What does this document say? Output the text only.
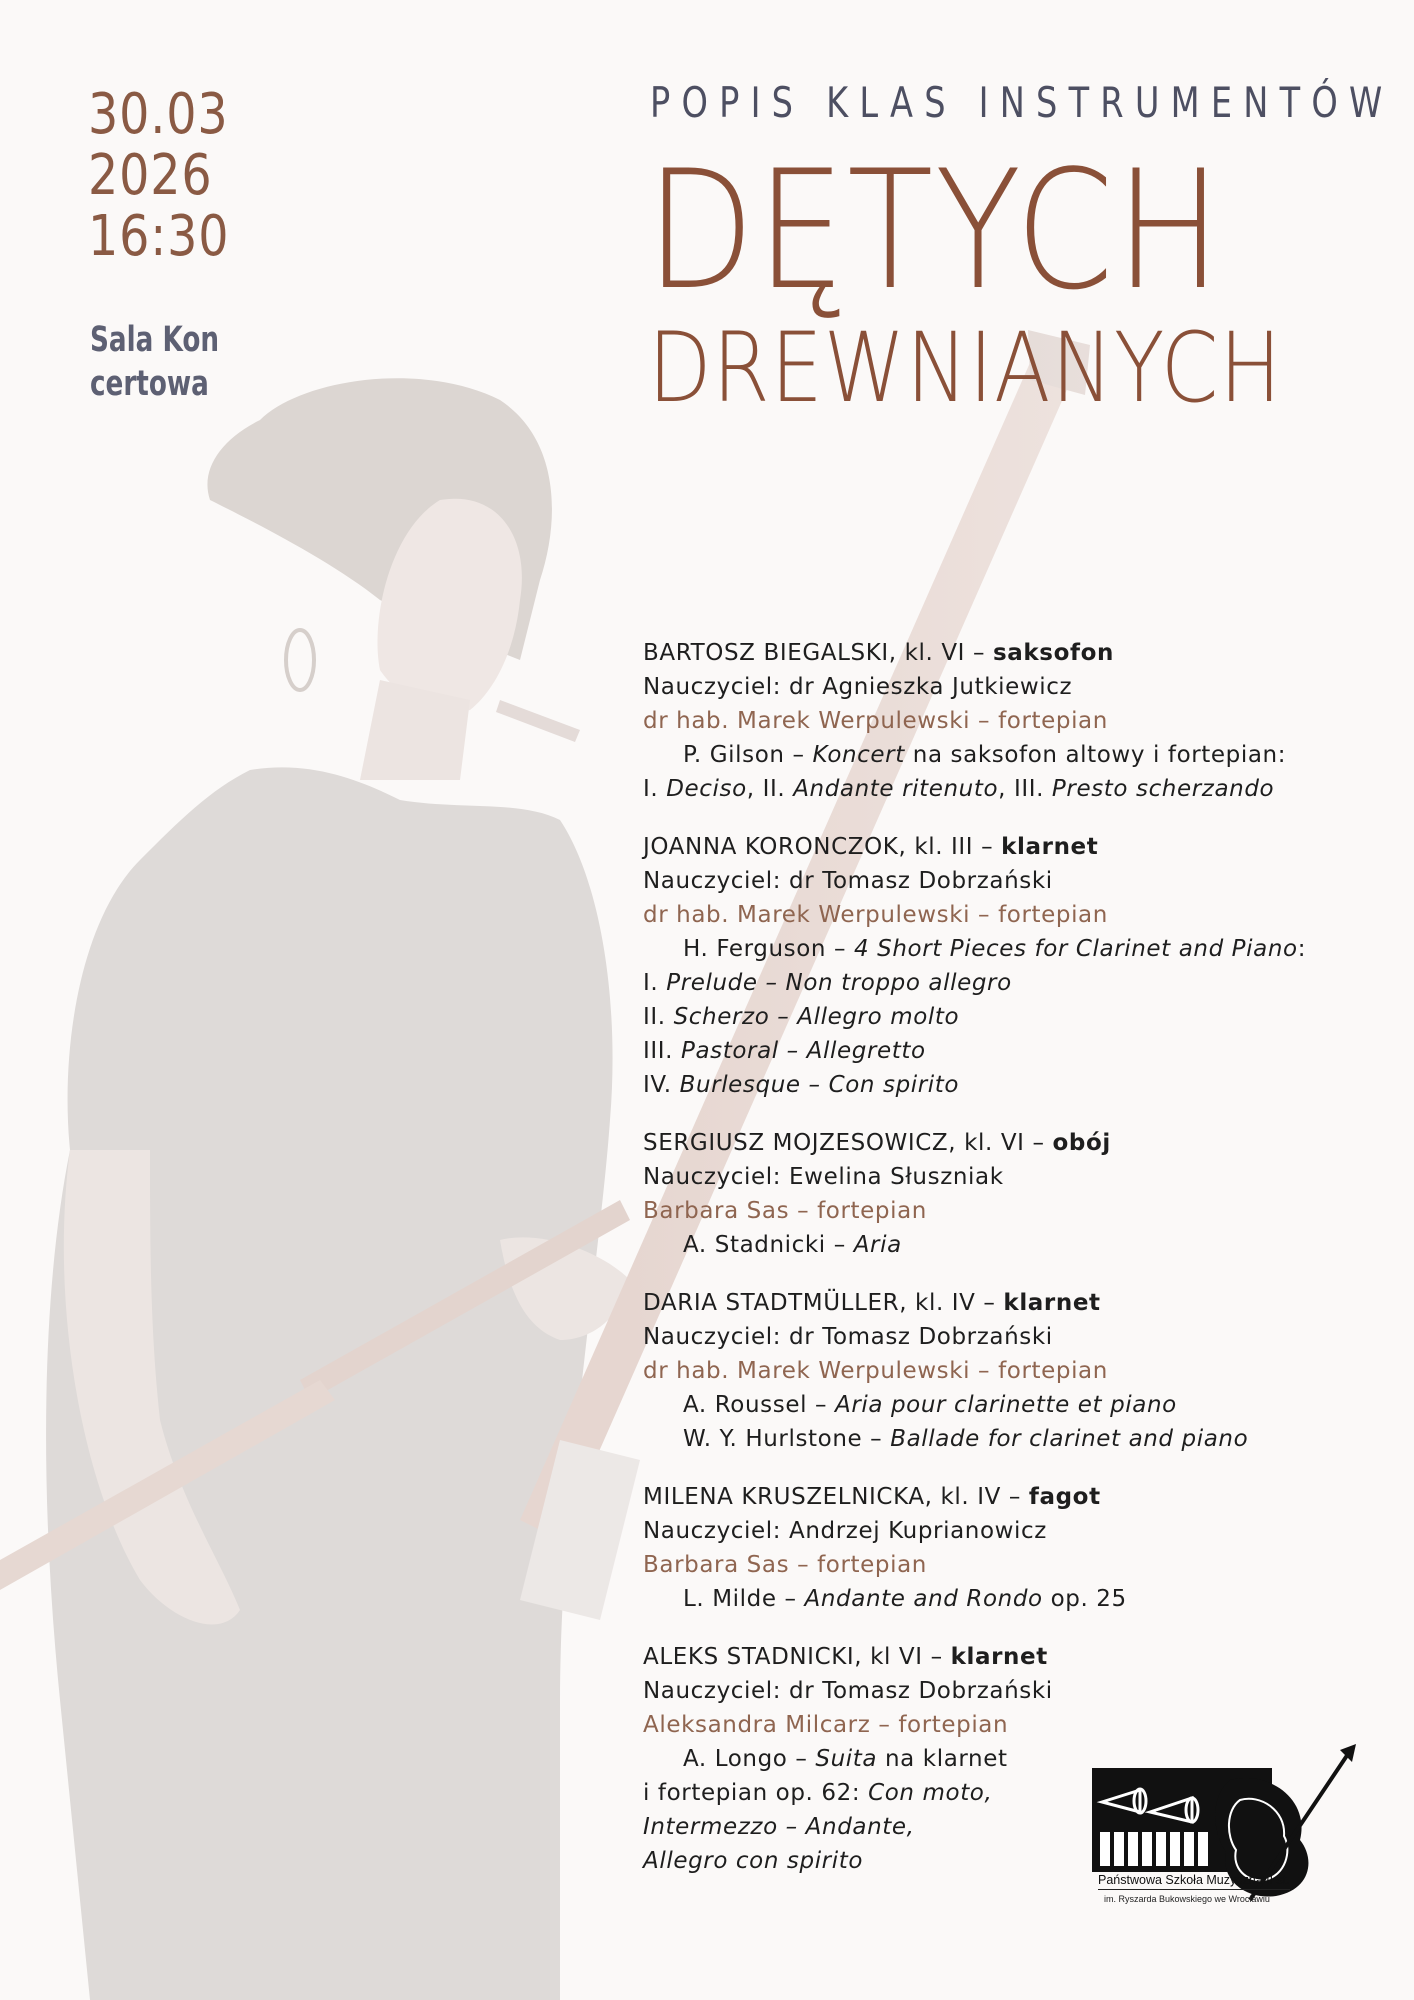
30.03
2026
16:30
Sala Kon
certowa
POPIS KLAS INSTRUMENTÓW
DĘTYCH
DREWNIANYCH
BARTOSZ BIEGALSKI, kl. VI – saksofon
Nauczyciel: dr Agnieszka Jutkiewicz
dr hab. Marek Werpulewski – fortepian
P. Gilson – Koncert na saksofon altowy i fortepian:
I. Deciso, II. Andante ritenuto, III. Presto scherzando
JOANNA KORONCZOK, kl. III – klarnet
Nauczyciel: dr Tomasz Dobrzański
dr hab. Marek Werpulewski – fortepian
H. Ferguson – 4 Short Pieces for Clarinet and Piano:
I. Prelude – Non troppo allegro
II. Scherzo – Allegro molto
III. Pastoral – Allegretto
IV. Burlesque – Con spirito
SERGIUSZ MOJZESOWICZ, kl. VI – obój
Nauczyciel: Ewelina Słuszniak
Barbara Sas – fortepian
A. Stadnicki – Aria
DARIA STADTMÜLLER, kl. IV – klarnet
Nauczyciel: dr Tomasz Dobrzański
dr hab. Marek Werpulewski – fortepian
A. Roussel – Aria pour clarinette et piano
W. Y. Hurlstone – Ballade for clarinet and piano
MILENA KRUSZELNICKA, kl. IV – fagot
Nauczyciel: Andrzej Kuprianowicz
Barbara Sas – fortepian
L. Milde – Andante and Rondo op. 25
ALEKS STADNICKI, kl VI – klarnet
Nauczyciel: dr Tomasz Dobrzański
Aleksandra Milcarz – fortepian
A. Longo – Suita na klarnet
i fortepian op. 62: Con moto,
Intermezzo – Andante,
Allegro con spirito
Państwowa Szkoła Muzyczna II st.
im. Ryszarda Bukowskiego we Wrocławiu
